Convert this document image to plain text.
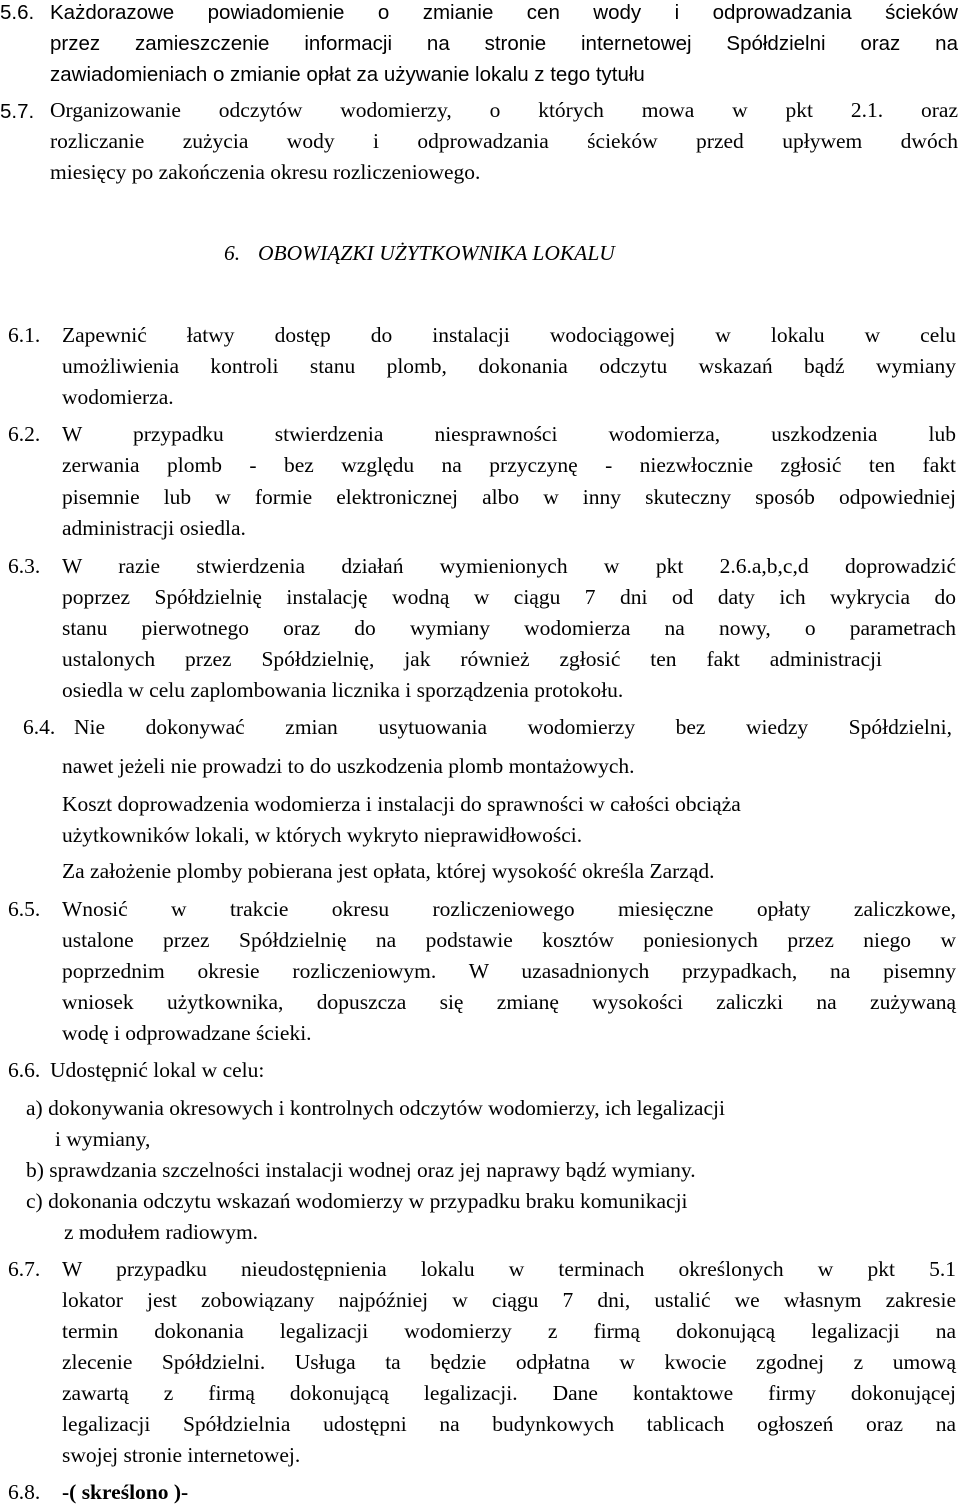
5.6. Każdorazowe powiadomienie o zmianie cen wody i odprowadzania ścieków
przez zamieszczenie informacji na stronie internetowej Spółdzielni oraz na
zawiadomieniach o zmianie opłat za używanie lokalu z tego tytułu
5.7. Organizowanie odczytów wodomierzy, o których mowa w pkt 2.1. oraz
rozliczanie zużycia wody i odprowadzania ścieków przed upływem dwóch
miesięcy po zakończenia okresu rozliczeniowego.
6. OBOWIĄZKI UŻYTKOWNIKA LOKALU
6.1. Zapewnić łatwy dostęp do instalacji wodociągowej w lokalu w celu
umożliwienia kontroli stanu plomb, dokonania odczytu wskazań bądź wymiany
wodomierza.
6.2. W przypadku stwierdzenia niesprawności wodomierza, uszkodzenia lub
zerwania plomb - bez względu na przyczynę - niezwłocznie zgłosić ten fakt
pisemnie lub w formie elektronicznej albo w inny skuteczny sposób odpowiedniej
administracji osiedla.
6.3. W razie stwierdzenia działań wymienionych w pkt 2.6.a,b,c,d doprowadzić
poprzez Spółdzielnię instalację wodną w ciągu 7 dni od daty ich wykrycia do
stanu pierwotnego oraz do wymiany wodomierza na nowy, o parametrach
ustalonych przez Spółdzielnię, jak również zgłosić ten fakt administracji
osiedla w celu zaplombowania licznika i sporządzenia protokołu.
6.4. Nie dokonywać zmian usytuowania wodomierzy bez wiedzy Spółdzielni,
nawet jeżeli nie prowadzi to do uszkodzenia plomb montażowych.
Koszt doprowadzenia wodomierza i instalacji do sprawności w całości obciąża
użytkowników lokali, w których wykryto nieprawidłowości.
Za założenie plomby pobierana jest opłata, której wysokość określa Zarząd.
6.5. Wnosić w trakcie okresu rozliczeniowego miesięczne opłaty zaliczkowe,
ustalone przez Spółdzielnię na podstawie kosztów poniesionych przez niego w
poprzednim okresie rozliczeniowym. W uzasadnionych przypadkach, na pisemny
wniosek użytkownika, dopuszcza się zmianę wysokości zaliczki na zużywaną
wodę i odprowadzane ścieki.
6.6. Udostępnić lokal w celu:
a) dokonywania okresowych i kontrolnych odczytów wodomierzy, ich legalizacji
i wymiany,
b) sprawdzania szczelności instalacji wodnej oraz jej naprawy bądź wymiany.
c) dokonania odczytu wskazań wodomierzy w przypadku braku komunikacji
z modułem radiowym.
6.7. W przypadku nieudostępnienia lokalu w terminach określonych w pkt 5.1
lokator jest zobowiązany najpóźniej w ciągu 7 dni, ustalić we własnym zakresie
termin dokonania legalizacji wodomierzy z firmą dokonującą legalizacji na
zlecenie Spółdzielni. Usługa ta będzie odpłatna w kwocie zgodnej z umową
zawartą z firmą dokonującą legalizacji. Dane kontaktowe firmy dokonującej
legalizacji Spółdzielnia udostępni na budynkowych tablicach ogłoszeń oraz na
swojej stronie internetowej.
6.8. -( skreślono )-
